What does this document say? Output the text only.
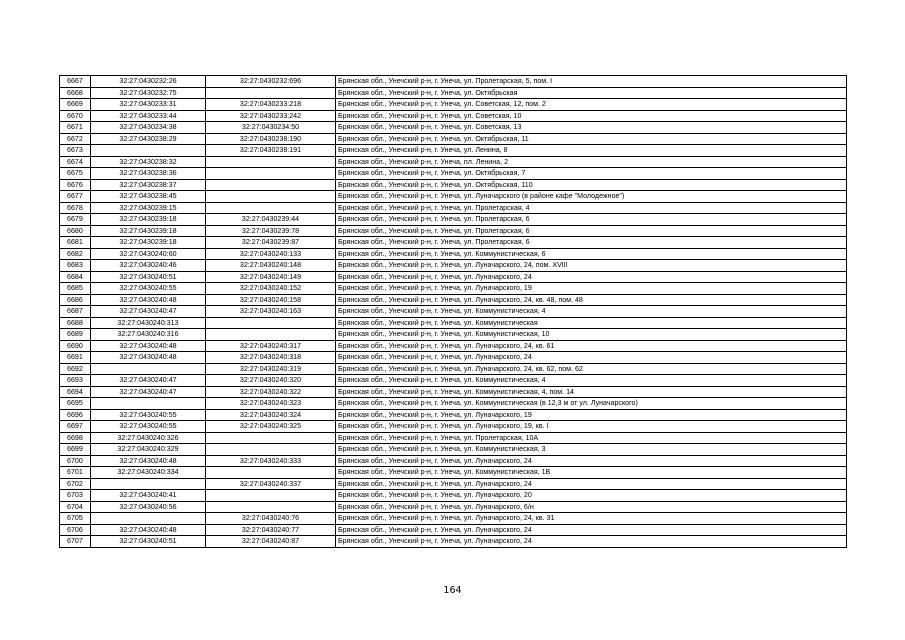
6667	32:27:0430232:26	32:27:0430232:696	Брянская обл., Унечский р-н, г. Унеча, ул. Пролетарская, 5, пом. I
6668	32:27:0430232:75		Брянская обл., Унечский р-н, г. Унеча, ул. Октябрьская
6669	32:27:0430233:31	32:27:0430233:218	Брянская обл., Унечский р-н, г. Унеча, ул. Советская, 12, пом. 2
6670	32:27:0430233:44	32:27:0430233:242	Брянская обл., Унечский р-н, г. Унеча, ул. Советская, 10
6671	32:27:0430234:38	32:27:0430234:50	Брянская обл., Унечский р-н, г. Унеча, ул. Советская, 13
6672	32:27:0430238:29	32:27:0430238:190	Брянская обл., Унечский р-н, г. Унеча, ул. Октябрьская, 11
6673		32:27:0430238:191	Брянская обл., Унечский р-н, г. Унеча, ул. Ленина, 8
6674	32:27:0430238:32		Брянская обл., Унечский р-н, г. Унеча, пл. Ленина, 2
6675	32:27:0430238:36		Брянская обл., Унечский р-н, г. Унеча, ул. Октябрьская, 7
6676	32:27:0430238:37		Брянская обл., Унечский р-н, г. Унеча, ул. Октябрьская, 110
6677	32:27:0430238:45		Брянская обл., Унечский р-н, г. Унеча, ул. Луначарского (в районе кафе "Молодежное")
6678	32:27:0430239:15		Брянская обл., Унечский р-н, г. Унеча, ул. Пролетарская, 4
6679	32:27:0430239:18	32:27:0430239:44	Брянская обл., Унечский р-н, г. Унеча, ул. Пролетарская, 6
6680	32:27:0430239:18	32:27:0430239:78	Брянская обл., Унечский р-н, г. Унеча, ул. Пролетарская, 6
6681	32:27:0430239:18	32:27:0430239:87	Брянская обл., Унечский р-н, г. Унеча, ул. Пролетарская, 6
6682	32:27:0430240:60	32:27:0430240:133	Брянская обл., Унечский р-н, г. Унеча, ул. Коммунистическая, 6
6683	32:27:0430240:46	32:27:0430240:148	Брянская обл., Унечский р-н, г. Унеча, ул. Луначарского, 24, пом. XVIII
6684	32:27:0430240:51	32:27:0430240:149	Брянская обл., Унечский р-н, г. Унеча, ул. Луначарского, 24
6685	32:27:0430240:55	32:27:0430240:152	Брянская обл., Унечский р-н, г. Унеча, ул. Луначарского, 19
6686	32:27:0430240:48	32:27:0430240:158	Брянская обл., Унечский р-н, г. Унеча, ул. Луначарского, 24, кв. 48, пом. 48
6687	32:27:0430240:47	32:27:0430240:163	Брянская обл., Унечский р-н, г. Унеча, ул. Коммунистическая, 4
6688	32:27:0430240:313		Брянская обл., Унечский р-н, г. Унеча, ул. Коммунистическая
6689	32:27:0430240:316		Брянская обл., Унечский р-н, г. Унеча, ул. Коммунистическая, 10
6690	32:27:0430240:48	32:27:0430240:317	Брянская обл., Унечский р-н, г. Унеча, ул. Луначарского, 24, кв. 61
6691	32:27:0430240:48	32:27:0430240:318	Брянская обл., Унечский р-н, г. Унеча, ул. Луначарского, 24
6692		32:27:0430240:319	Брянская обл., Унечский р-н, г. Унеча, ул. Луначарского, 24, кв. 62, пом. 62
6693	32:27:0430240:47	32:27:0430240:320	Брянская обл., Унечский р-н, г. Унеча, ул. Коммунистическая, 4
6694	32:27:0430240:47	32:27:0430240:322	Брянская обл., Унечский р-н, г. Унеча, ул. Коммунистическая, 4, пом. 14
6695		32:27:0430240:323	Брянская обл., Унечский р-н, г. Унеча, ул. Коммунистическая (в 12,3 м от ул. Луначарского)
6696	32:27:0430240:55	32:27:0430240:324	Брянская обл., Унечский р-н, г. Унеча, ул. Луначарского, 19
6697	32:27:0430240:55	32:27:0430240:325	Брянская обл., Унечский р-н, г. Унеча, ул. Луначарского, 19, кв. I
6698	32:27:0430240:326		Брянская обл., Унечский р-н, г. Унеча, ул. Пролетарская, 10А
6699	32:27:0430240:329		Брянская обл., Унечский р-н, г. Унеча, ул. Коммунистическая, 3
6700	32:27:0430240:48	32:27:0430240:333	Брянская обл., Унечский р-н, г. Унеча, ул. Луначарского, 24
6701	32:27:0430240:334		Брянская обл., Унечский р-н, г. Унеча, ул. Коммунистическая, 1В
6702		32:27:0430240:337	Брянская обл., Унечский р-н, г. Унеча, ул. Луначарского, 24
6703	32:27:0430240:41		Брянская обл., Унечский р-н, г. Унеча, ул. Луначарского, 20
6704	32:27:0430240:56		Брянская обл., Унечский р-н, г. Унеча, ул. Луначарского, 6/н
6705		32:27:0430240:76	Брянская обл., Унечский р-н, г. Унеча, ул. Луначарского, 24, кв. 31
6706	32:27:0430240:48	32:27:0430240:77	Брянская обл., Унечский р-н, г. Унеча, ул. Луначарского, 24
6707	32:27:0430240:51	32:27:0430240:87	Брянская обл., Унечский р-н, г. Унеча, ул. Луначарского, 24
164
